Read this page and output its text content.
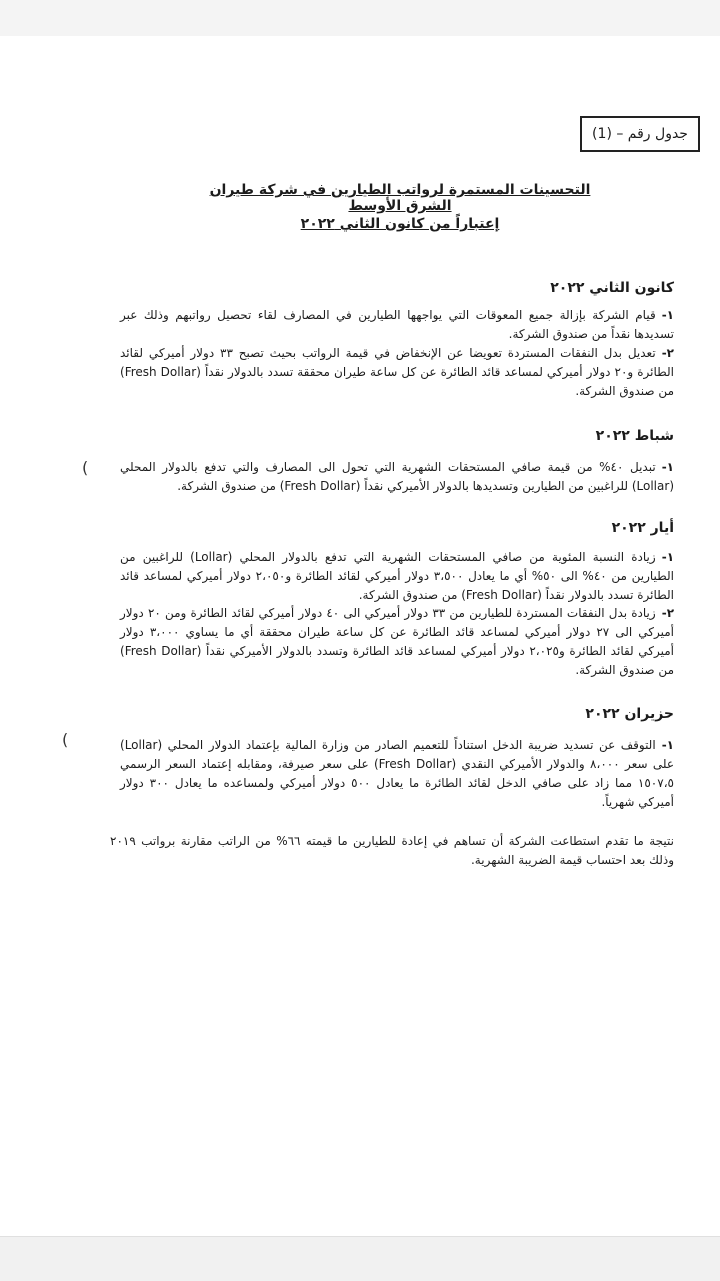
جدول رقم – (1)
التحسينات المستمرة لرواتب الطيارين في شركة طيران الشرق الأوسط
إعتباراً من كانون الثاني ٢٠٢٢
كانون الثاني ٢٠٢٢
١-قيام الشركة بإزالة جميع المعوقات التي يواجهها الطيارين في المصارف لقاء تحصيل رواتبهم وذلك عبر تسديدها نقداً من صندوق الشركة.
٢-تعديل بدل النفقات المستردة تعويضا عن الإنخفاض في قيمة الرواتب بحيث تصبح ٣٣ دولار أميركي لقائد الطائرة و٢٠ دولار أميركي لمساعد قائد الطائرة عن كل ساعة طيران محققة تسدد بالدولار نقداً (Fresh Dollar) من صندوق الشركة.
شباط ٢٠٢٢
١-تبديل ٤٠% من قيمة صافي المستحقات الشهرية التي تحول الى المصارف والتي تدفع بالدولار المحلي (Lollar) للراغبين من الطيارين وتسديدها بالدولار الأميركي نقداً (Fresh Dollar) من صندوق الشركة.
(
أيار ٢٠٢٢
١-زيادة النسبة المئوية من صافي المستحقات الشهرية التي تدفع بالدولار المحلي (Lollar) للراغبين من الطيارين من ٤٠% الى ٥٠% أي ما يعادل ٣،٥٠٠ دولار أميركي لقائد الطائرة و٢،٠٥٠ دولار أميركي لمساعد قائد الطائرة تسدد بالدولار نقداً (Fresh Dollar) من صندوق الشركة.
٢-زيادة بدل النفقات المستردة للطيارين من ٣٣ دولار أميركي الى ٤٠ دولار أميركي لقائد الطائرة ومن ٢٠ دولار أميركي الى ٢٧ دولار أميركي لمساعد قائد الطائرة عن كل ساعة طيران محققة أي ما يساوي ٣،٠٠٠ دولار أميركي لقائد الطائرة و٢،٠٢٥ دولار أميركي لمساعد قائد الطائرة وتسدد بالدولار الأميركي نقداً (Fresh Dollar) من صندوق الشركة.
حزيران ٢٠٢٢
١-التوقف عن تسديد ضريبة الدخل استناداً للتعميم الصادر من وزارة المالية بإعتماد الدولار المحلي (Lollar) على سعر ٨،٠٠٠ والدولار الأميركي النقدي (Fresh Dollar) على سعر صيرفة، ومقابله إعتماد السعر الرسمي ١٥٠٧،٥ مما زاد على صافي الدخل لقائد الطائرة ما يعادل ٥٠٠ دولار أميركي ولمساعده ما يعادل ٣٠٠ دولار أميركي شهرياً.
(
نتيجة ما تقدم استطاعت الشركة أن تساهم في إعادة للطيارين ما قيمته ٦٦% من الراتب مقارنة برواتب ٢٠١٩ وذلك بعد احتساب قيمة الضريبة الشهرية.
